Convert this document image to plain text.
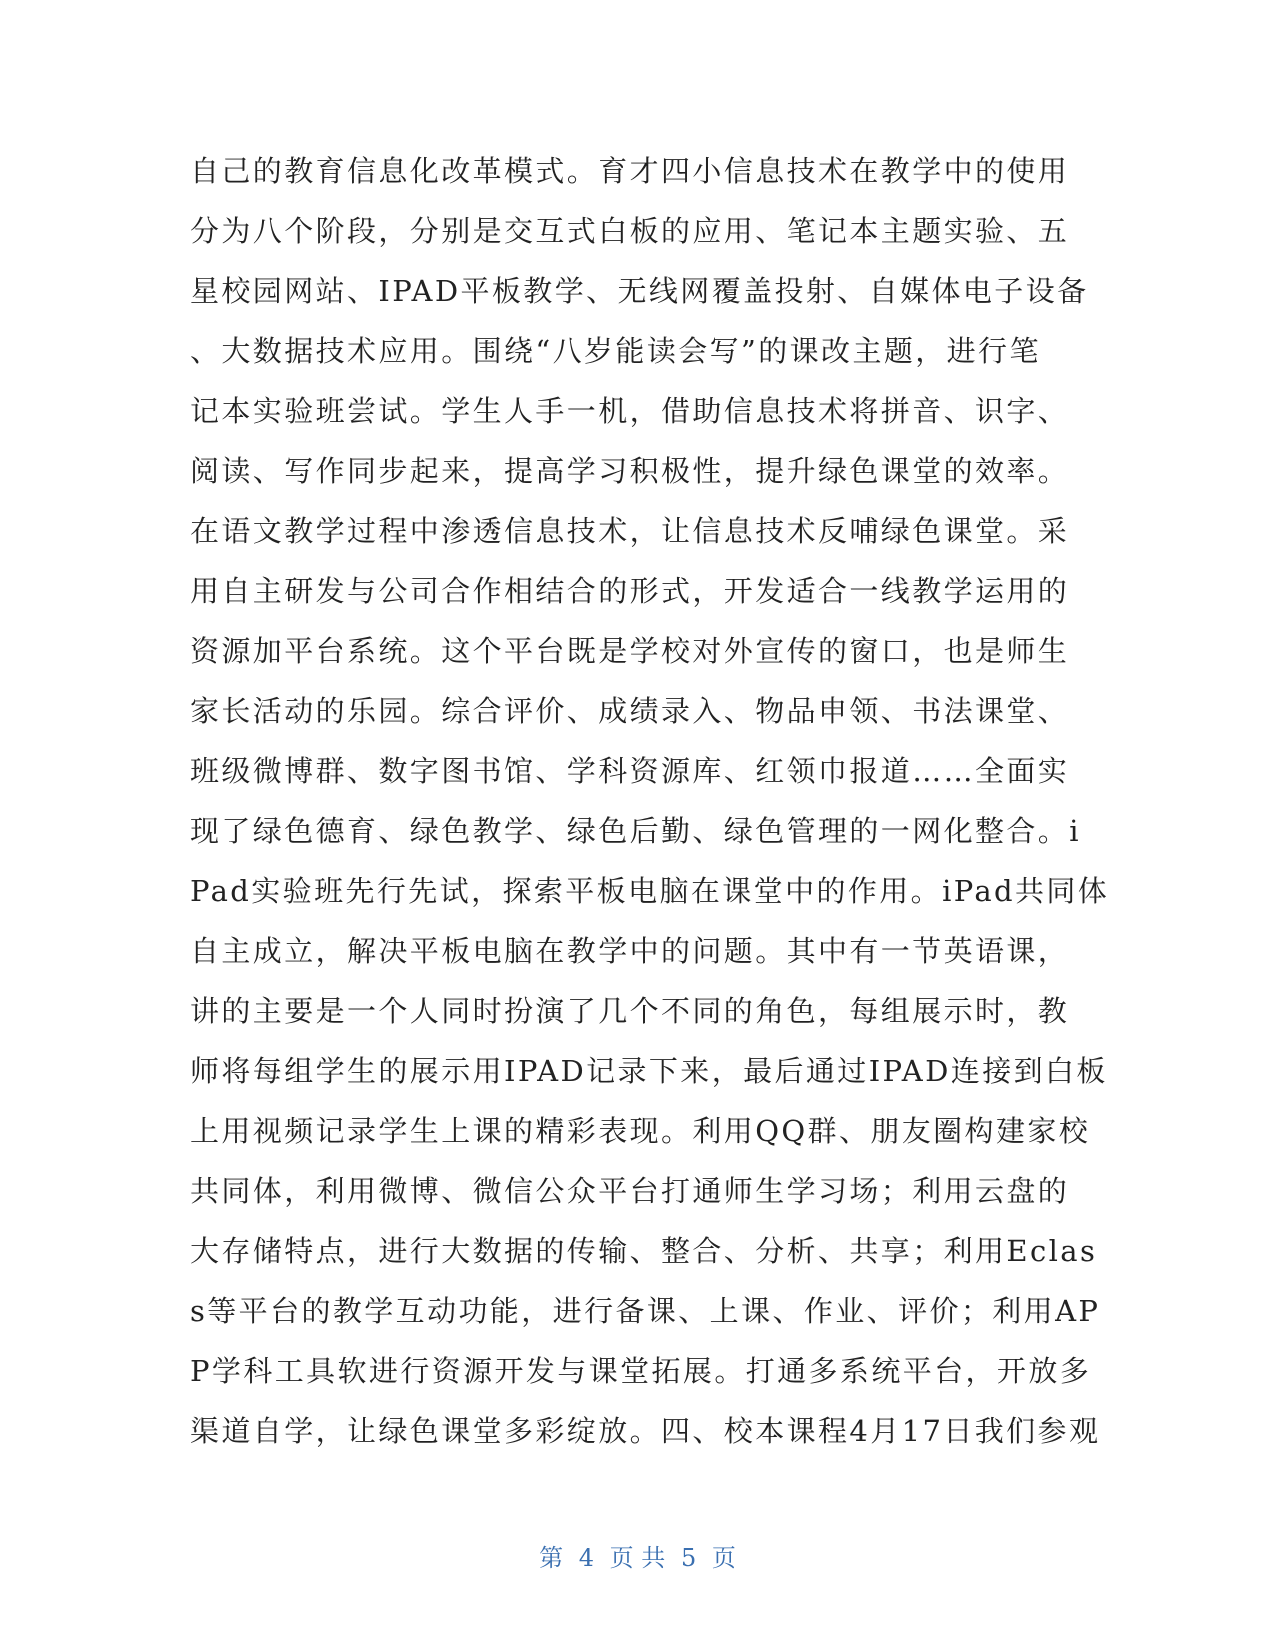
自己的教育信息化改革模式。育才四小信息技术在教学中的使用
分为八个阶段，分别是交互式白板的应用、笔记本主题实验、五
星校园网站、IPAD平板教学、无线网覆盖投射、自媒体电子设备
、大数据技术应用。围绕“八岁能读会写”的课改主题，进行笔
记本实验班尝试。学生人手一机，借助信息技术将拼音、识字、
阅读、写作同步起来，提高学习积极性，提升绿色课堂的效率。
在语文教学过程中渗透信息技术，让信息技术反哺绿色课堂。采
用自主研发与公司合作相结合的形式，开发适合一线教学运用的
资源加平台系统。这个平台既是学校对外宣传的窗口，也是师生
家长活动的乐园。综合评价、成绩录入、物品申领、书法课堂、
班级微博群、数字图书馆、学科资源库、红领巾报道……全面实
现了绿色德育、绿色教学、绿色后勤、绿色管理的一网化整合。i
Pad实验班先行先试，探索平板电脑在课堂中的作用。iPad共同体
自主成立，解决平板电脑在教学中的问题。其中有一节英语课，
讲的主要是一个人同时扮演了几个不同的角色，每组展示时，教
师将每组学生的展示用IPAD记录下来，最后通过IPAD连接到白板
上用视频记录学生上课的精彩表现。利用QQ群、朋友圈构建家校
共同体，利用微博、微信公众平台打通师生学习场；利用云盘的
大存储特点，进行大数据的传输、整合、分析、共享；利用Eclas
s等平台的教学互动功能，进行备课、上课、作业、评价；利用AP
P学科工具软进行资源开发与课堂拓展。打通多系统平台，开放多
渠道自学，让绿色课堂多彩绽放。四、校本课程4月17日我们参观
第 4 页 共 5 页
